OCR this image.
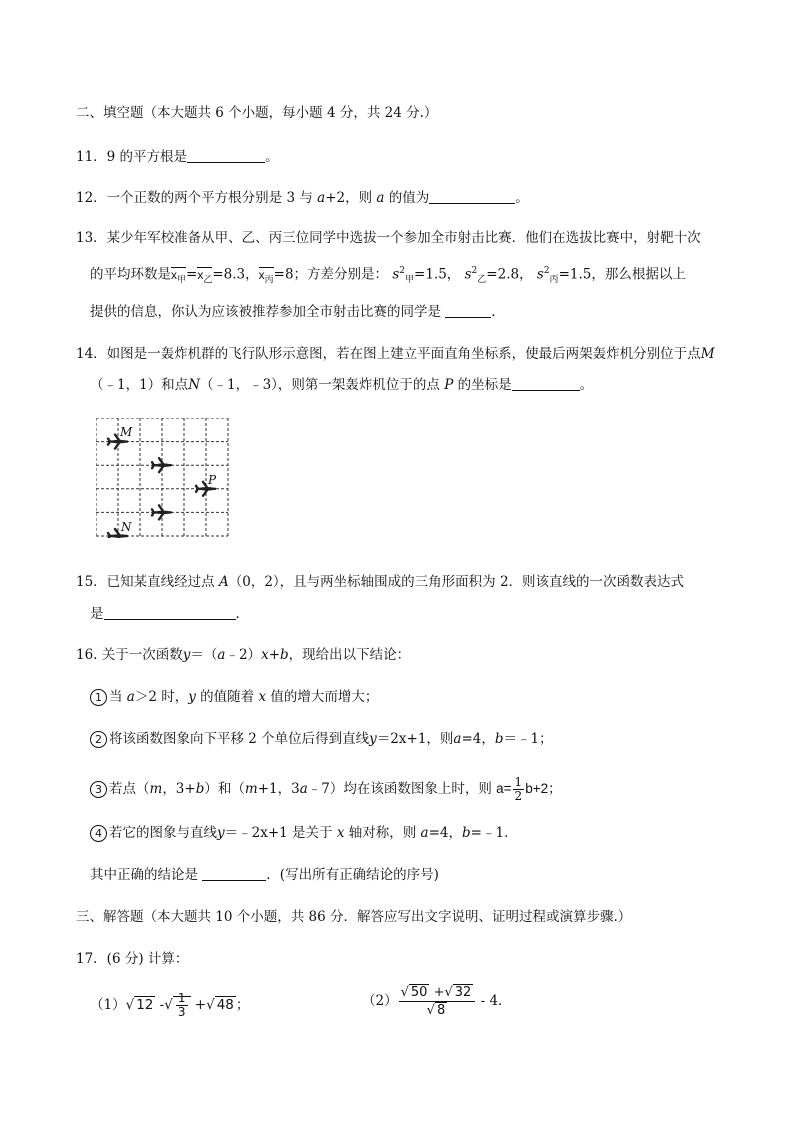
二、填空题（本大题共 6 个小题，每小题 4 分，共 24 分.）
11．9 的平方根是	。
12．一个正数的两个平方根分别是 3 与 a+2，则 a 的值为	。
13．某少年军校准备从甲、乙、丙三位同学中选拔一个参加全市射击比赛．他们在选拔比赛中，射靶十次
的平均环数是$x_甲=x_乙=8.3$，$x_丙=8$；方差分别是： $s^2_甲=1.5$， $s^2_乙=2.8$， $s^2_丙=1.5$，那么根据以上
提供的信息，你认为应该被推荐参加全市射击比赛的同学是	．
14．如图是一轰炸机群的飞行队形示意图，若在图上建立平面直角坐标系，使最后两架轰炸机分别位于点M
（﹣1，1）和点N（﹣1，﹣3），则第一架轰炸机位于的点 P 的坐标是	。
M
P
N
15．已知某直线经过点 A（0，2），且与两坐标轴围成的三角形面积为 2．则该直线的一次函数表达式
是	．
16. 关于一次函数y＝（a﹣2）x+b，现给出以下结论：
1 当 a＞2 时，y 的值随着 x 值的增大而增大；
2 将该函数图象向下平移 2 个单位后得到直线y＝2x+1，则a=4，b＝﹣1；
3 若点（m，3+b）和（m+1，3a﹣7）均在该函数图象上时，则 $a= \frac{1}{2} b+2$；
4 若它的图象与直线y＝﹣2x+1 是关于 x 轴对称，则 a=4，b=﹣1．
其中正确的结论是	．(写出所有正确结论的序号)
三、解答题（本大题共 10 个小题，共 86 分．解答应写出文字说明、证明过程或演算步骤.）
17．(6 分) 计算：
（1）√ 12 -√ $\frac{1}{3}$ +√ 48 ；	$(2) \frac{√ 50 +√ 32}{√ 8} - 4$．
